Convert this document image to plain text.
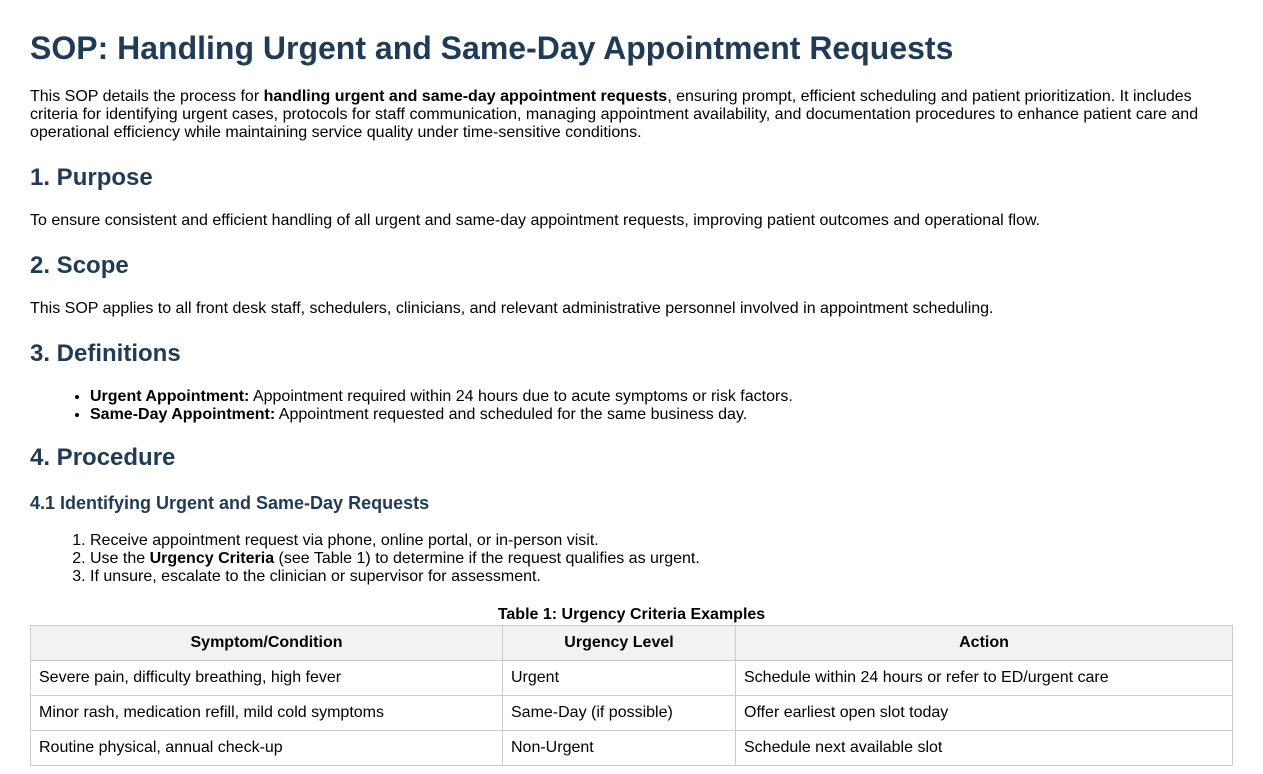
SOP: Handling Urgent and Same-Day Appointment Requests

This SOP details the process for handling urgent and same-day appointment requests, ensuring prompt, efficient scheduling and patient prioritization. It includes criteria for identifying urgent cases, protocols for staff communication, managing appointment availability, and documentation procedures to enhance patient care and operational efficiency while maintaining service quality under time-sensitive conditions.

1. Purpose

To ensure consistent and efficient handling of all urgent and same-day appointment requests, improving patient outcomes and operational flow.

2. Scope

This SOP applies to all front desk staff, schedulers, clinicians, and relevant administrative personnel involved in appointment scheduling.

3. Definitions
• Urgent Appointment: Appointment required within 24 hours due to acute symptoms or risk factors.
• Same-Day Appointment: Appointment requested and scheduled for the same business day.
4. Procedure
4.1 Identifying Urgent and Same-Day Requests
1. Receive appointment request via phone, online portal, or in-person visit.
2. Use the Urgency Criteria (see Table 1) to determine if the request qualifies as urgent.
3. If unsure, escalate to the clinician or supervisor for assessment.
Table 1: Urgency Criteria Examples
Symptom/Condition	Urgency Level	Action
Severe pain, difficulty breathing, high fever	Urgent	Schedule within 24 hours or refer to ED/urgent care
Minor rash, medication refill, mild cold symptoms	Same-Day (if possible)	Offer earliest open slot today
Routine physical, annual check-up	Non-Urgent	Schedule next available slot
